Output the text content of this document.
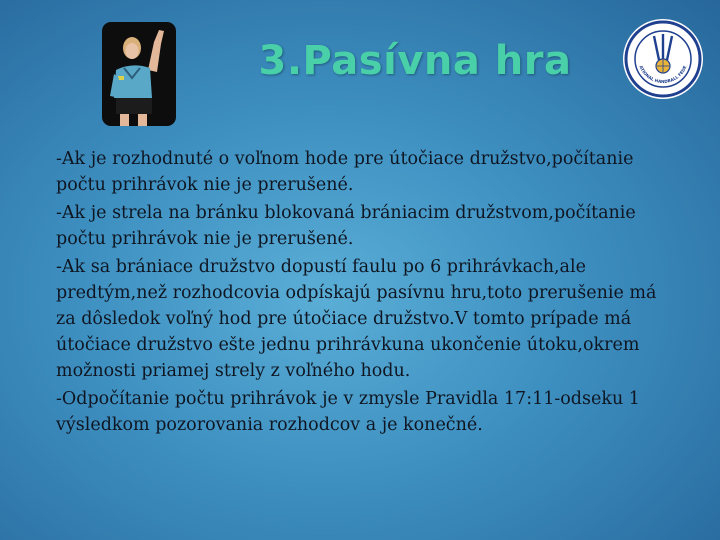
3.Pasívna hra	ATIONAL HANDBALL FEDE

-Ak je rozhodnuté o voľnom hode pre útočiace družstvo,počítanie počtu prihrávok nie je prerušené.

-Ak je strela na bránku blokovaná brániacim družstvom,počítanie počtu prihrávok nie je prerušené.

-Ak sa brániace družstvo dopustí faulu po 6 prihrávkach,ale predtým,než rozhodcovia odpískajú pasívnu hru,toto prerušenie má za dôsledok voľný hod pre útočiace družstvo.V tomto prípade má útočiace družstvo ešte jednu prihrávkuna ukončenie útoku,okrem možnosti priamej strely z voľného hodu.

-Odpočítanie počtu prihrávok je v zmysle Pravidla 17:11-odseku 1 výsledkom pozorovania rozhodcov a je konečné.
